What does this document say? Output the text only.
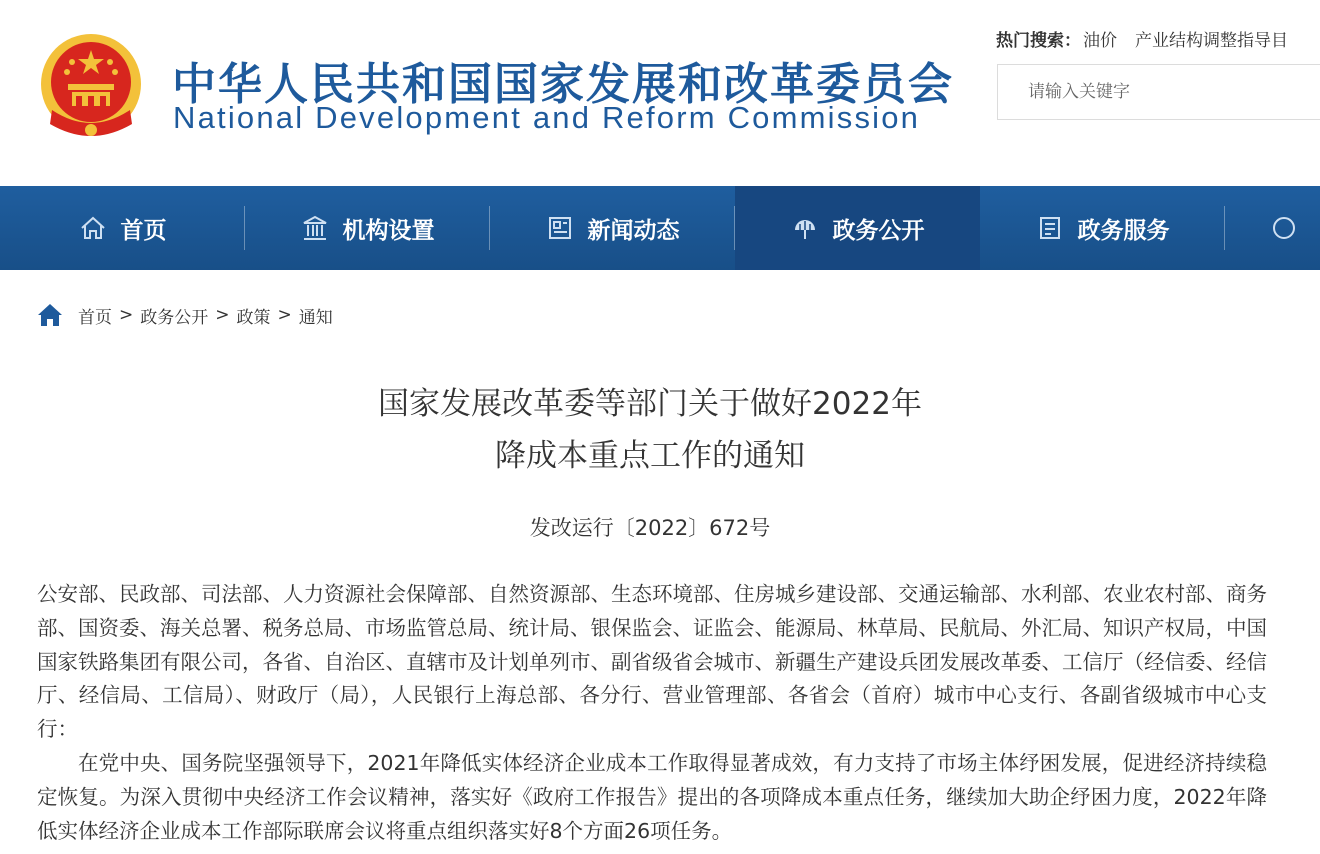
中华人民共和国国家发展和改革委员会
National Development and Reform Commission
热门搜索： 油价 产业结构调整指导目
请输入关键字
首页	机构设置	新闻动态	政务公开	政务服务
首页 > 政务公开 > 政策 > 通知
国家发展改革委等部门关于做好2022年
降成本重点工作的通知
发改运行〔2022〕672号
公安部、民政部、司法部、人力资源社会保障部、自然资源部、生态环境部、住房城乡建设部、交通运输部、水利部、农业农村部、商务部、国资委、海关总署、税务总局、市场监管总局、统计局、银保监会、证监会、能源局、林草局、民航局、外汇局、知识产权局，中国国家铁路集团有限公司，各省、自治区、直辖市及计划单列市、副省级省会城市、新疆生产建设兵团发展改革委、工信厅（经信委、经信厅、经信局、工信局）、财政厅（局），人民银行上海总部、各分行、营业管理部、各省会（首府）城市中心支行、各副省级城市中心支行：
在党中央、国务院坚强领导下，2021年降低实体经济企业成本工作取得显著成效，有力支持了市场主体纾困发展，促进经济持续稳定恢复。为深入贯彻中央经济工作会议精神，落实好《政府工作报告》提出的各项降成本重点任务，继续加大助企纾困力度，2022年降低实体经济企业成本工作部际联席会议将重点组织落实好8个方面26项任务。
